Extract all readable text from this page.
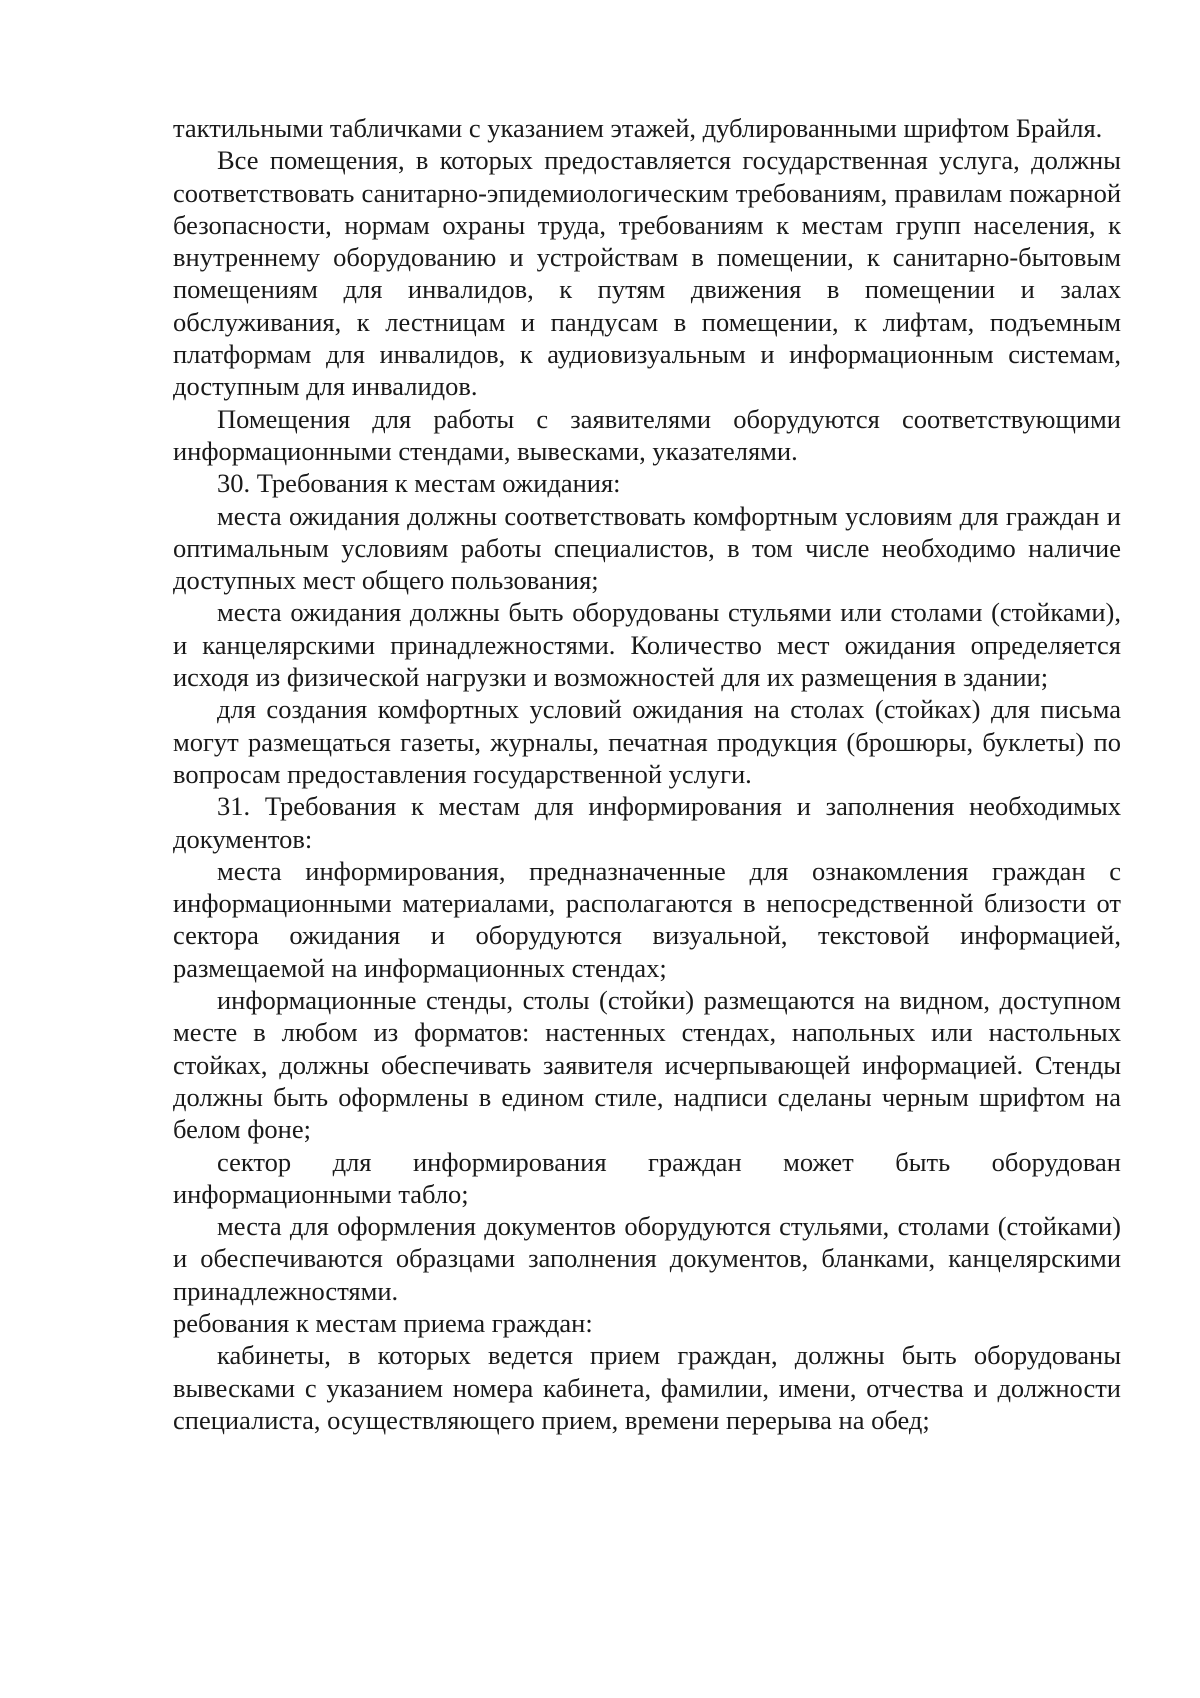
тактильными табличками с указанием этажей, дублированными шрифтом Брайля.

Все помещения, в которых предоставляется государственная услуга, должны соответствовать санитарно-эпидемиологическим требованиям, правилам пожарной безопасности, нормам охраны труда, требованиям к местам групп населения, к внутреннему оборудованию и устройствам в помещении, к санитарно-бытовым помещениям для инвалидов, к путям движения в помещении и залах обслуживания, к лестницам и пандусам в помещении, к лифтам, подъемным платформам для инвалидов, к аудиовизуальным и информационным системам, доступным для инвалидов.

Помещения для работы с заявителями оборудуются соответствующими информационными стендами, вывесками, указателями.

30. Требования к местам ожидания:

места ожидания должны соответствовать комфортным условиям для граждан и оптимальным условиям работы специалистов, в том числе необходимо наличие доступных мест общего пользования;

места ожидания должны быть оборудованы стульями или столами (стойками), и канцелярскими принадлежностями. Количество мест ожидания определяется исходя из физической нагрузки и возможностей для их размещения в здании;

для создания комфортных условий ожидания на столах (стойках) для письма могут размещаться газеты, журналы, печатная продукция (брошюры, буклеты) по вопросам предоставления государственной услуги.

31. Требования к местам для информирования и заполнения необходимых документов:

места информирования, предназначенные для ознакомления граждан с информационными материалами, располагаются в непосредственной близости от сектора ожидания и оборудуются визуальной, текстовой информацией, размещаемой на информационных стендах;

информационные стенды, столы (стойки) размещаются на видном, доступном месте в любом из форматов: настенных стендах, напольных или настольных стойках, должны обеспечивать заявителя исчерпывающей информацией. Стенды должны быть оформлены в едином стиле, надписи сделаны черным шрифтом на белом фоне;

сектор для информирования граждан может быть оборудован информационными табло;

места для оформления документов оборудуются стульями, столами (стойками) и обеспечиваются образцами заполнения документов, бланками, канцелярскими принадлежностями.

ребования к местам приема граждан:

кабинеты, в которых ведется прием граждан, должны быть оборудованы вывесками с указанием номера кабинета, фамилии, имени, отчества и должности специалиста, осуществляющего прием, времени перерыва на обед;
